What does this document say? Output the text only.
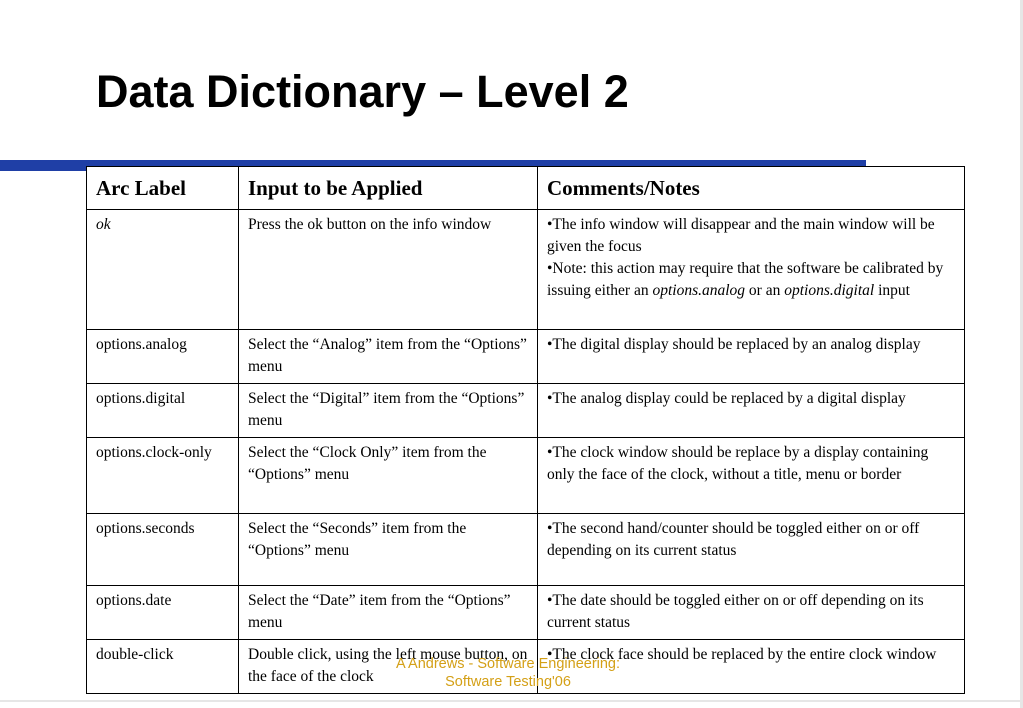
Data Dictionary – Level 2
Arc Label	Input to be Applied	Comments/Notes
ok	Press the ok button on the info window	•The info window will disappear and the main window will be given the focus

•Note: this action may require that the software be calibrated by issuing either an options.analog or an options.digital input

options.analog	Select the “Analog” item from the “Options” menu	•The digital display should be replaced by an analog display
options.digital	Select the “Digital” item from the “Options” menu	•The analog display could be replaced by a digital display
options.clock-only	Select the “Clock Only” item from the “Options” menu	•The clock window should be replace by a display containing only the face of the clock, without a title, menu or border
options.seconds	Select the “Seconds” item from the “Options” menu	•The second hand/counter should be toggled either on or off depending on its current status
options.date	Select the “Date” item from the “Options” menu	•The date should be toggled either on or off depending on its current status
double-click	Double click, using the left mouse button, on the face of the clock	•The clock face should be replaced by the entire clock window
A Andrews - Software Engineering:
Software Testing'06
